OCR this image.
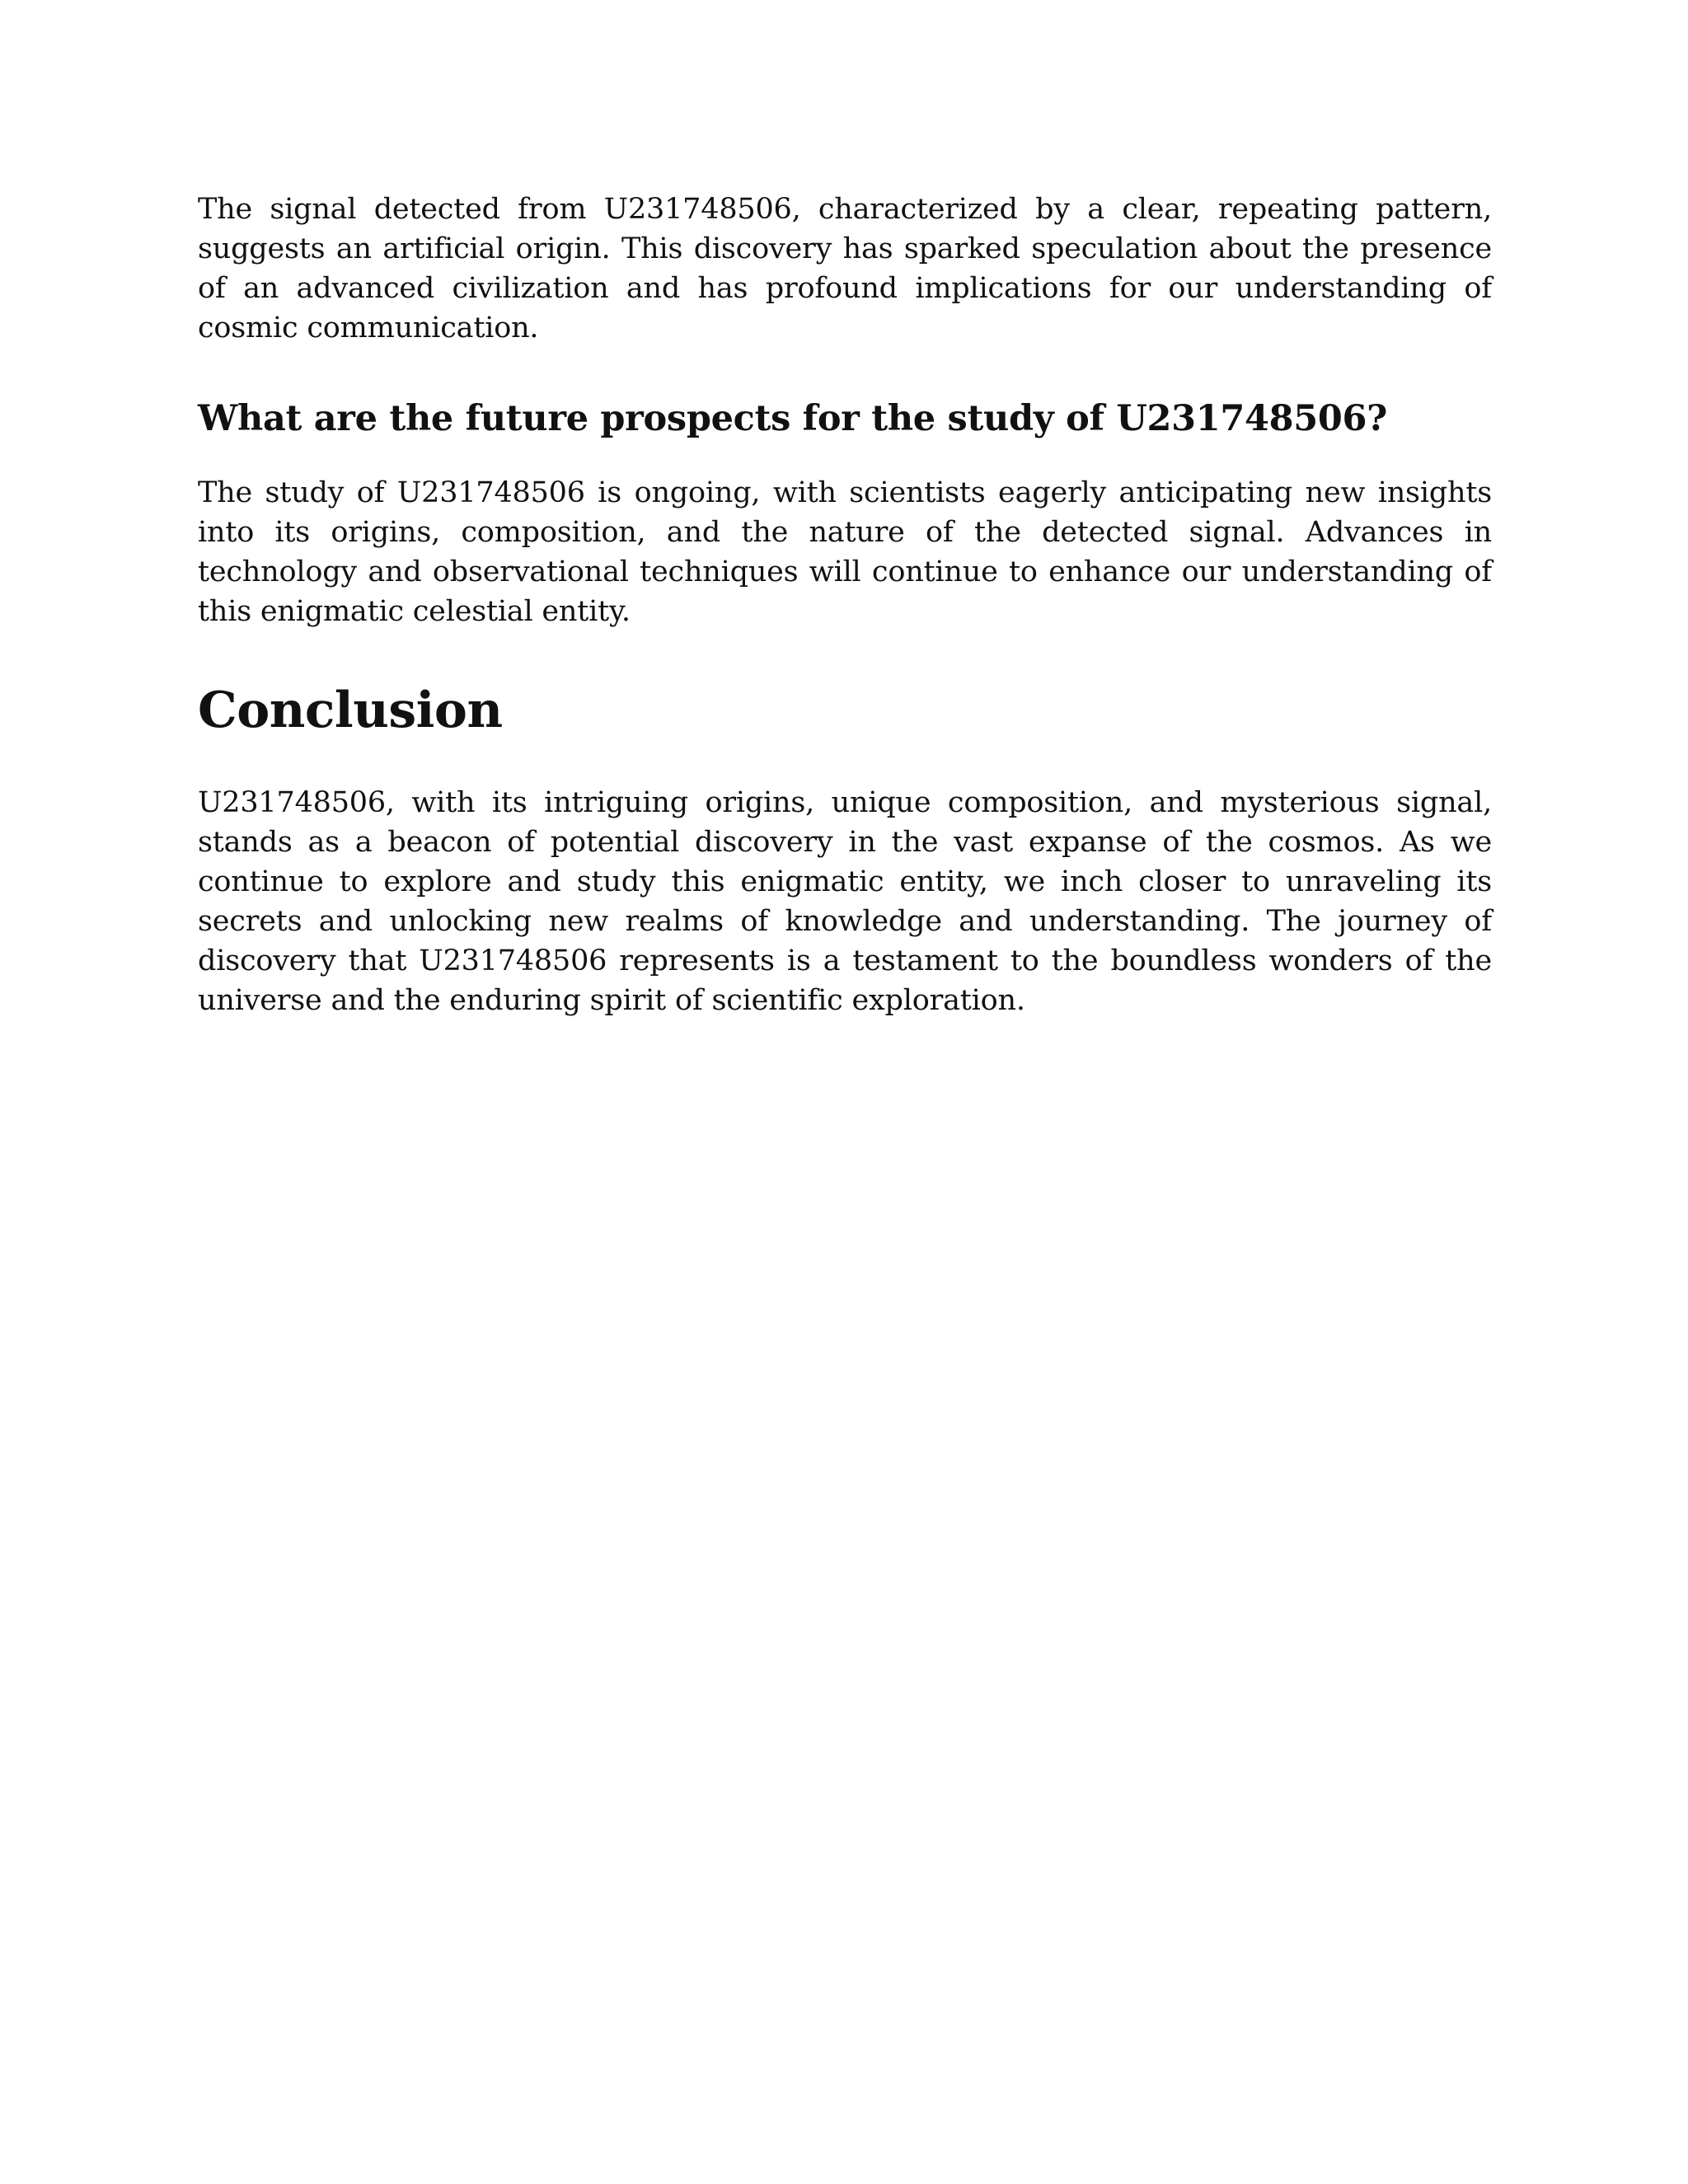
The signal detected from U231748506, characterized by a clear, repeating pattern, suggests an artificial origin. This discovery has sparked speculation about the presence of an advanced civilization and has profound implications for our understanding of cosmic communication.

What are the future prospects for the study of U231748506?

The study of U231748506 is ongoing, with scientists eagerly anticipating new insights into its origins, composition, and the nature of the detected signal. Advances in technology and observational techniques will continue to enhance our understanding of this enigmatic celestial entity.

Conclusion

U231748506, with its intriguing origins, unique composition, and mysterious signal, stands as a beacon of potential discovery in the vast expanse of the cosmos. As we continue to explore and study this enigmatic entity, we inch closer to unraveling its secrets and unlocking new realms of knowledge and understanding. The journey of discovery that U231748506 represents is a testament to the boundless wonders of the universe and the enduring spirit of scientific exploration.
